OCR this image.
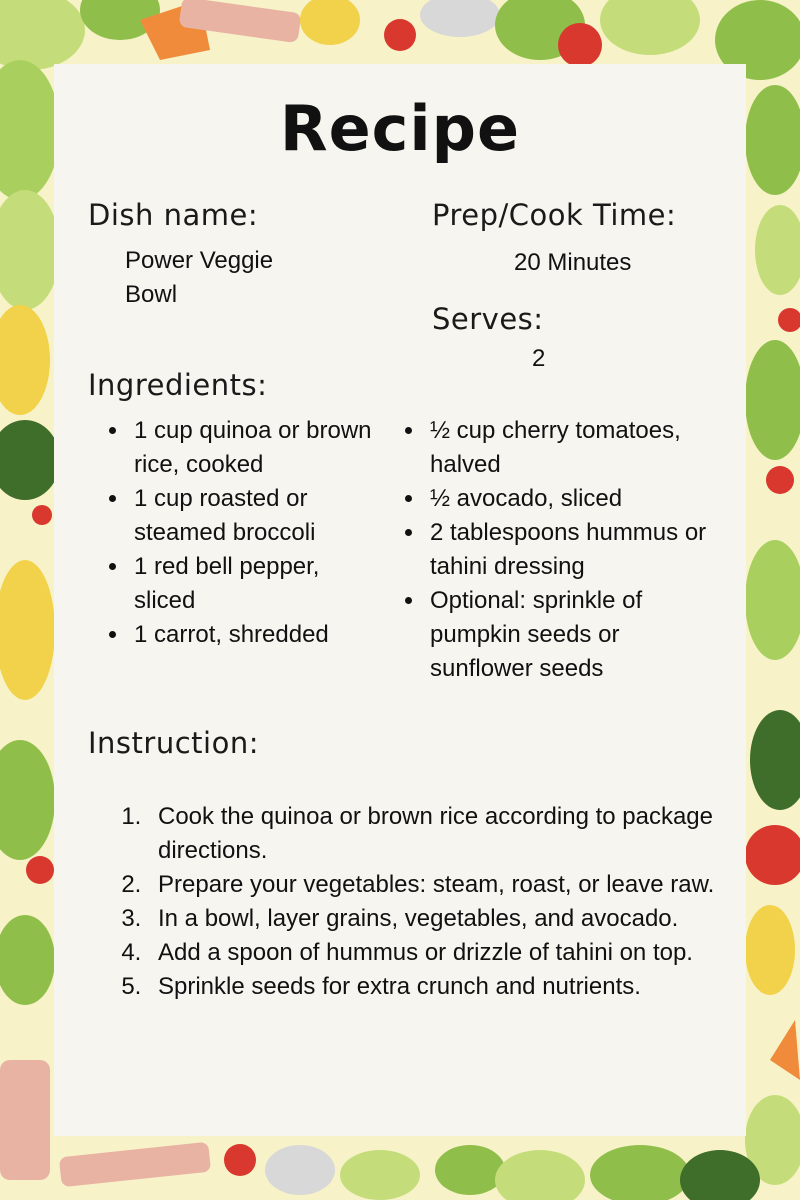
Recipe
Dish name:
Power Veggie Bowl
Prep/Cook Time:
20 Minutes
Serves:
2
Ingredients:
• 1 cup quinoa or brown rice, cooked
• 1 cup roasted or steamed broccoli
• 1 red bell pepper, sliced
• 1 carrot, shredded
• ½ cup cherry tomatoes, halved
• ½ avocado, sliced
• 2 tablespoons hummus or tahini dressing
• Optional: sprinkle of pumpkin seeds or sunflower seeds
Instruction:
1. Cook the quinoa or brown rice according to package directions.
2. Prepare your vegetables: steam, roast, or leave raw.
3. In a bowl, layer grains, vegetables, and avocado.
4. Add a spoon of hummus or drizzle of tahini on top.
5. Sprinkle seeds for extra crunch and nutrients.
